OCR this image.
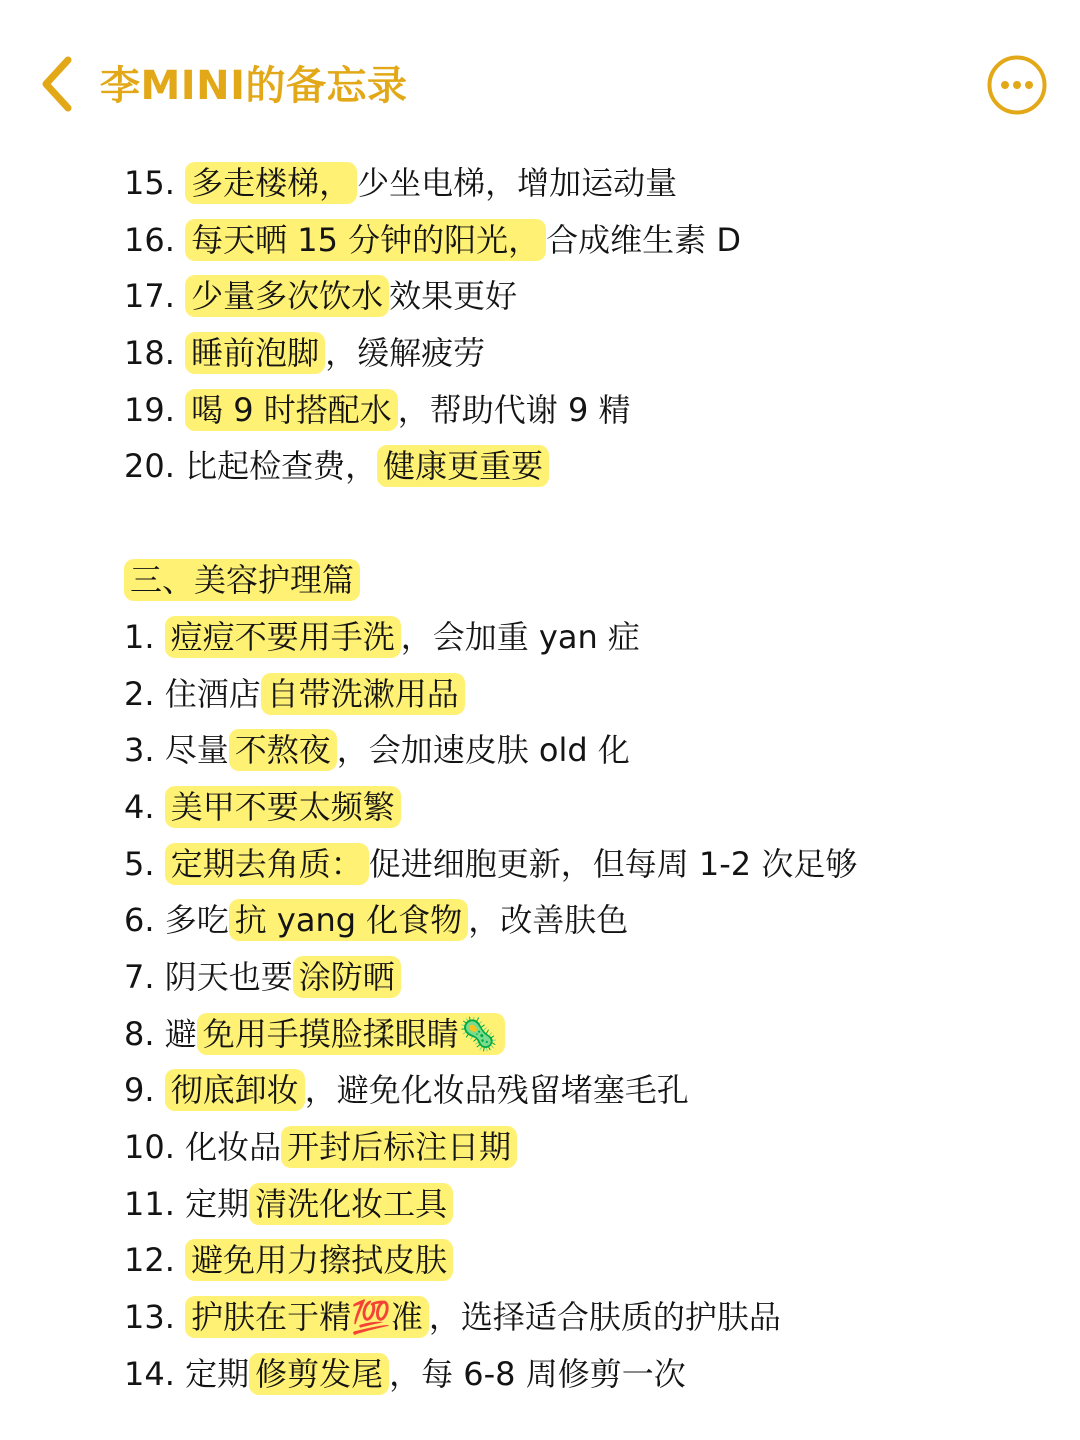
李MINI的备忘录
15. 多走楼梯， 少坐电梯，增加运动量
16. 每天晒 15 分钟的阳光， 合成维生素 D
17. 少量多次饮水 效果更好
18. 睡前泡脚 ，缓解疲劳
19. 喝 9 时搭配水 ，帮助代谢 9 精
20. 比起检查费， 健康更重要
三、美容护理篇
1. 痘痘不要用手洗 ，会加重 yan 症
2. 住酒店 自带洗漱用品
3. 尽量 不熬夜 ，会加速皮肤 old 化
4. 美甲不要太频繁
5. 定期去角质： 促进细胞更新，但每周 1-2 次足够
6. 多吃 抗 yang 化食物 ，改善肤色
7. 阴天也要 涂防晒
8. 避 免用手摸脸揉眼睛🦠
9. 彻底卸妆 ，避免化妆品残留堵塞毛孔
10. 化妆品 开封后标注日期
11. 定期 清洗化妆工具
12. 避免用力擦拭皮肤
13. 护肤在于精💯准 ，选择适合肤质的护肤品
14. 定期 修剪发尾 ，每 6-8 周修剪一次
